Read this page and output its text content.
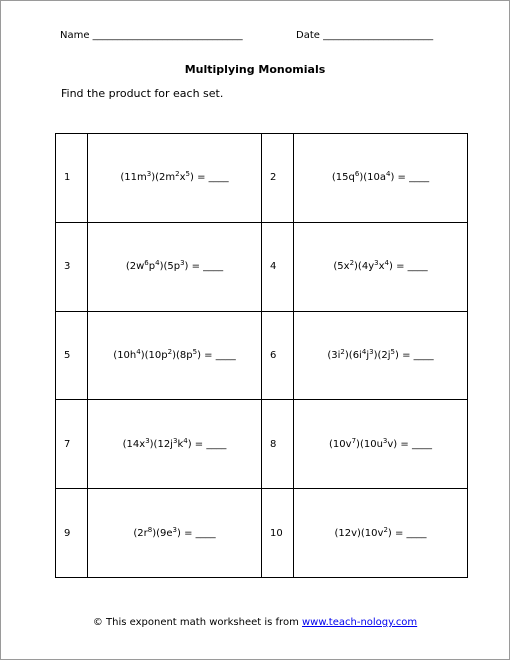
Name ______________________________	Date ______________________
Multiplying Monomials
Find the product for each set.
1	$(11m^3)(2m^2x^5)$ = ____	2	$(15q^6)(10a^4)$ = ____
3	$(2w^6p^4)(5p^3)$ = ____	4	$(5x^2)(4y^3x^4)$ = ____
5	$(10h^4)(10p^2)(8p^5)$ = ____	6	$(3i^2)(6i^4j^3)(2j^5)$ = ____
7	$(14x^3)(12j^3k^4)$ = ____	8	$(10v^7)(10u^3v)$ = ____
9	$(2r^8)(9e^3)$ = ____	10	$(12v)(10v^2)$ = ____
© This exponent math worksheet is from www.teach-nology.com
